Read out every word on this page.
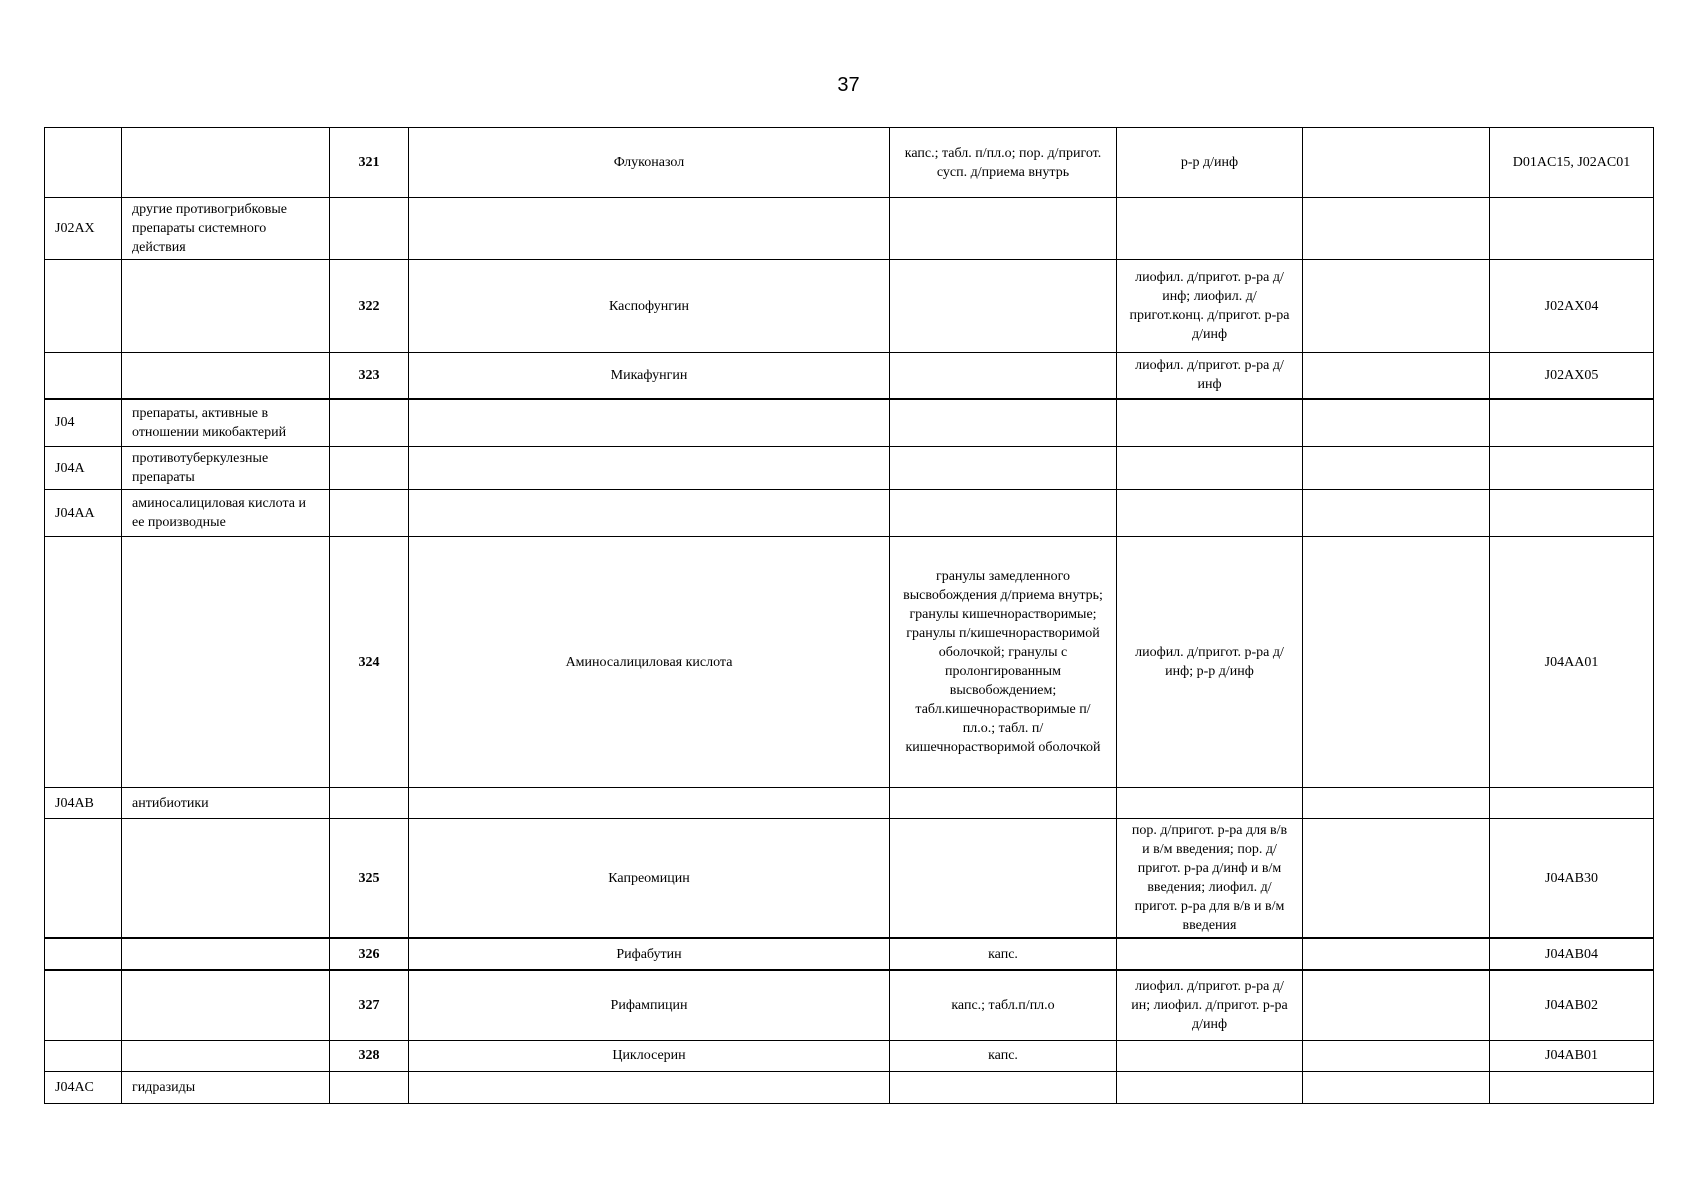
37
		321	Флуконазол	капс.; табл. п/пл.о; пор. д/пригот. сусп. д/приема внутрь	р-р д/инф		D01AC15, J02AC01
J02AX	другие противогрибковые препараты системного действия						
		322	Каспофунгин		лиофил. д/пригот. р-ра д/инф; лиофил. д/пригот.конц. д/пригот. р-ра д/инф		J02AX04
		323	Микафунгин		лиофил. д/пригот. р-ра д/инф		J02AX05
J04	препараты, активные в отношении микобактерий						
J04A	противотуберкулезные препараты						
J04AA	аминосалициловая кислота и ее производные						
		324	Аминосалициловая кислота	гранулы замедленного высвобождения д/приема внутрь; гранулы кишечнорастворимые; гранулы п/кишечнорастворимой оболочкой; гранулы с пролонгированным высвобождением; табл.кишечнорастворимые п/пл.о.; табл. п/кишечнорастворимой оболочкой	лиофил. д/пригот. р-ра д/инф; р-р д/инф		J04AA01
J04AB	антибиотики						
		325	Капреомицин		пор. д/пригот. р-ра для в/в и в/м введения; пор. д/пригот. р-ра д/инф и в/м введения; лиофил. д/пригот. р-ра для в/в и в/м введения		J04AB30
		326	Рифабутин	капс.			J04AB04
		327	Рифампицин	капс.; табл.п/пл.о	лиофил. д/пригот. р-ра д/ин; лиофил. д/пригот. р-ра д/инф		J04AB02
		328	Циклосерин	капс.			J04AB01
J04AC	гидразиды						
